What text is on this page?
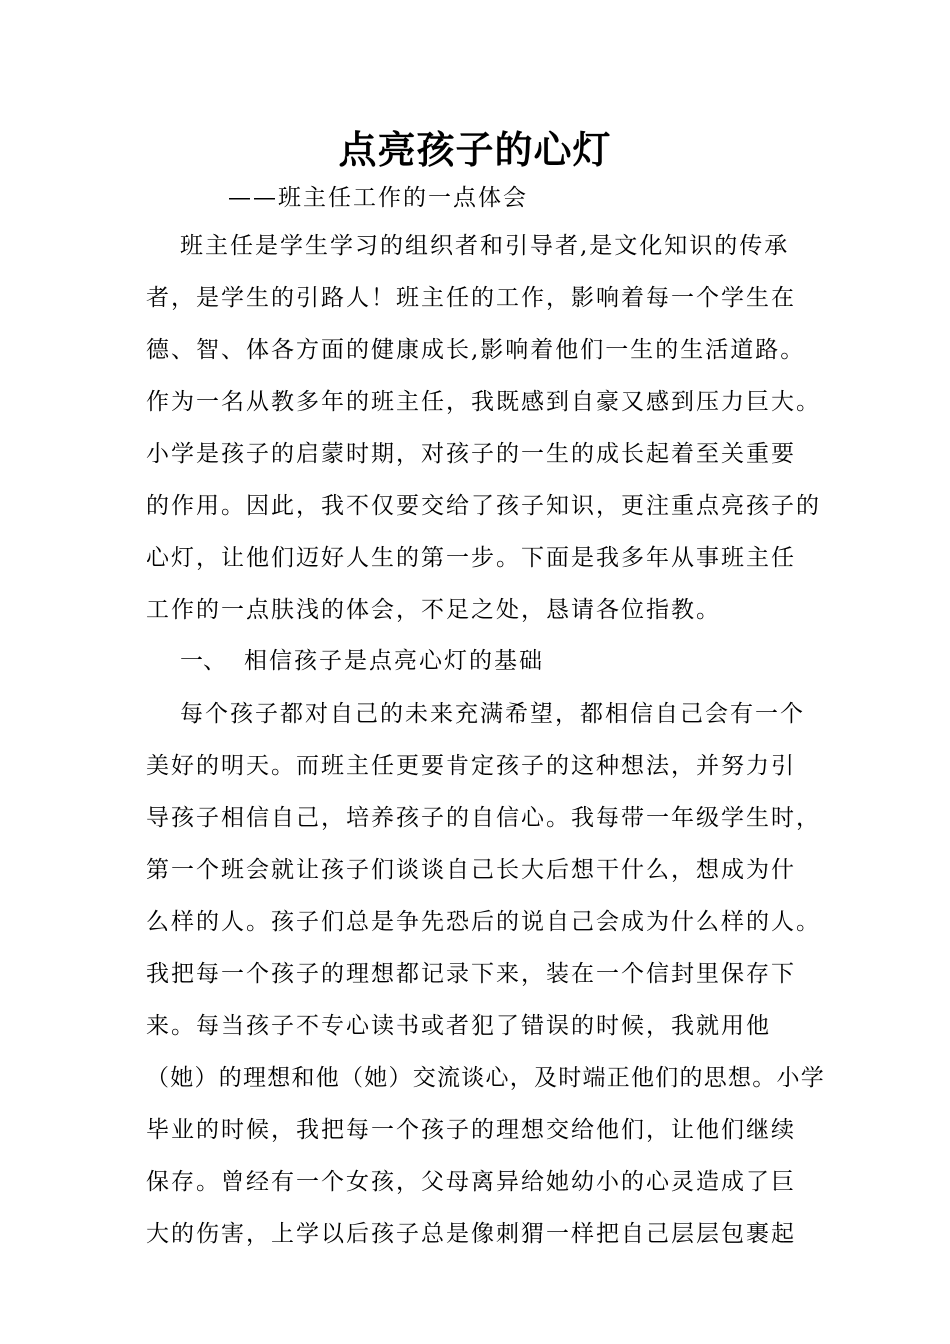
点亮孩子的心灯
——班主任工作的一点体会
班主任是学生学习的组织者和引导者,是文化知识的传承
者，是学生的引路人！班主任的工作，影响着每一个学生在
德、智、体各方面的健康成长,影响着他们一生的生活道路。
作为一名从教多年的班主任，我既感到自豪又感到压力巨大。
小学是孩子的启蒙时期，对孩子的一生的成长起着至关重要
的作用。因此，我不仅要交给了孩子知识，更注重点亮孩子的
心灯，让他们迈好人生的第一步。下面是我多年从事班主任
工作的一点肤浅的体会，不足之处，恳请各位指教。
一、 相信孩子是点亮心灯的基础
每个孩子都对自己的未来充满希望，都相信自己会有一个
美好的明天。而班主任更要肯定孩子的这种想法，并努力引
导孩子相信自己，培养孩子的自信心。我每带一年级学生时，
第一个班会就让孩子们谈谈自己长大后想干什么，想成为什
么样的人。孩子们总是争先恐后的说自己会成为什么样的人。
我把每一个孩子的理想都记录下来，装在一个信封里保存下
来。每当孩子不专心读书或者犯了错误的时候，我就用他
（她）的理想和他（她）交流谈心，及时端正他们的思想。小学
毕业的时候，我把每一个孩子的理想交给他们，让他们继续
保存。曾经有一个女孩，父母离异给她幼小的心灵造成了巨
大的伤害，上学以后孩子总是像刺猬一样把自己层层包裹起
